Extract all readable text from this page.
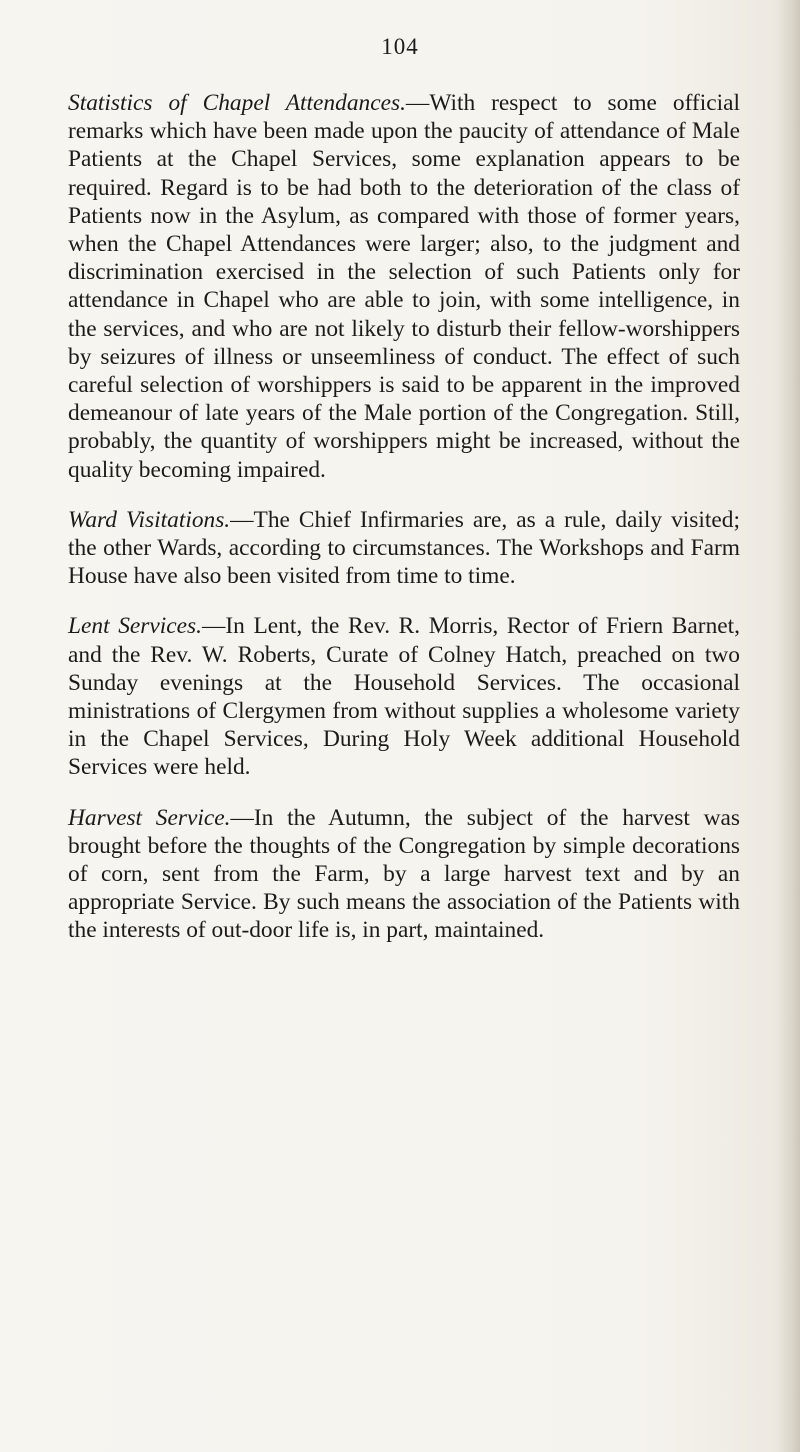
104

Statistics of Chapel Attendances.—With respect to some official remarks which have been made upon the paucity of attendance of Male Patients at the Chapel Services, some explanation appears to be required. Regard is to be had both to the deterioration of the class of Patients now in the Asylum, as compared with those of former years, when the Chapel Attendances were larger; also, to the judgment and discrimination exercised in the selection of such Patients only for attendance in Chapel who are able to join, with some intelligence, in the services, and who are not likely to disturb their fellow-worshippers by seizures of illness or unseemliness of conduct. The effect of such careful selection of worshippers is said to be apparent in the improved demeanour of late years of the Male portion of the Congregation. Still, probably, the quantity of worshippers might be increased, without the quality becoming impaired.

Ward Visitations.—The Chief Infirmaries are, as a rule, daily visited; the other Wards, according to circumstances. The Workshops and Farm House have also been visited from time to time.

Lent Services.—In Lent, the Rev. R. Morris, Rector of Friern Barnet, and the Rev. W. Roberts, Curate of Colney Hatch, preached on two Sunday evenings at the Household Services. The occasional ministrations of Clergymen from without supplies a wholesome variety in the Chapel Services, During Holy Week additional Household Services were held.

Harvest Service.—In the Autumn, the subject of the harvest was brought before the thoughts of the Congregation by simple decorations of corn, sent from the Farm, by a large harvest text and by an appropriate Service. By such means the association of the Patients with the interests of out-door life is, in part, maintained.
